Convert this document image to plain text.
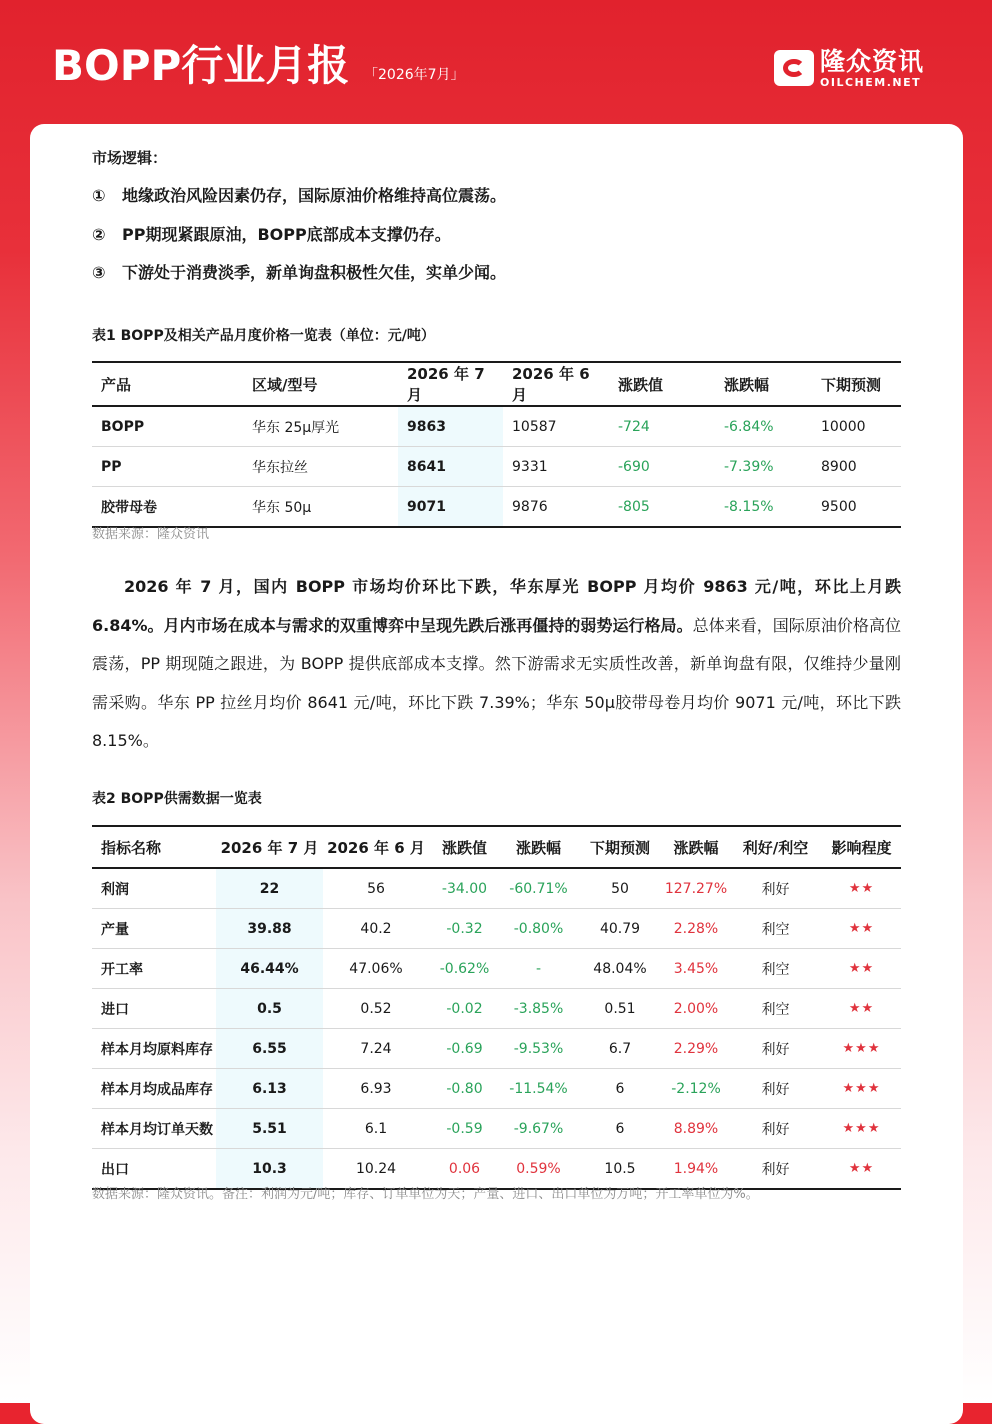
BOPP行业月报 「2026年7月」	隆众资讯
OILCHEM.NET
市场逻辑：
① 地缘政治风险因素仍存，国际原油价格维持高位震荡。
② PP期现紧跟原油，BOPP底部成本支撑仍存。
③ 下游处于消费淡季，新单询盘积极性欠佳，实单少闻。
表1 BOPP及相关产品月度价格一览表（单位：元/吨）
产品	区域/型号	2026 年 7 月	2026 年 6 月	涨跌值	涨跌幅	下期预测
BOPP	华东 25μ厚光	9863	10587	-724	-6.84%	10000
PP	华东拉丝	8641	9331	-690	-7.39%	8900
胶带母卷	华东 50μ	9071	9876	-805	-8.15%	9500
数据来源：隆众资讯
2026 年 7 月，国内 BOPP 市场均价环比下跌，华东厚光 BOPP 月均价 9863 元/吨，环比上月跌 6.84%。月内市场在成本与需求的双重博弈中呈现先跌后涨再僵持的弱势运行格局。总体来看，国际原油价格高位震荡，PP 期现随之跟进，为 BOPP 提供底部成本支撑。然下游需求无实质性改善，新单询盘有限，仅维持少量刚需采购。华东 PP 拉丝月均价 8641 元/吨，环比下跌 7.39%；华东 50μ胶带母卷月均价 9071 元/吨，环比下跌 8.15%。
表2 BOPP供需数据一览表
指标名称	2026 年 7 月	2026 年 6 月	涨跌值	涨跌幅	下期预测	涨跌幅	利好/利空	影响程度
利润	22	56	-34.00	-60.71%	50	127.27%	利好	★★
产量	39.88	40.2	-0.32	-0.80%	40.79	2.28%	利空	★★
开工率	46.44%	47.06%	-0.62%	-	48.04%	3.45%	利空	★★
进口	0.5	0.52	-0.02	-3.85%	0.51	2.00%	利空	★★
样本月均原料库存	6.55	7.24	-0.69	-9.53%	6.7	2.29%	利好	★★★
样本月均成品库存	6.13	6.93	-0.80	-11.54%	6	-2.12%	利好	★★★
样本月均订单天数	5.51	6.1	-0.59	-9.67%	6	8.89%	利好	★★★
出口	10.3	10.24	0.06	0.59%	10.5	1.94%	利好	★★
数据来源：隆众资讯。备注：利润为元/吨；库存、订单单位为天；产量、进口、出口单位为万吨；开工率单位为%。
